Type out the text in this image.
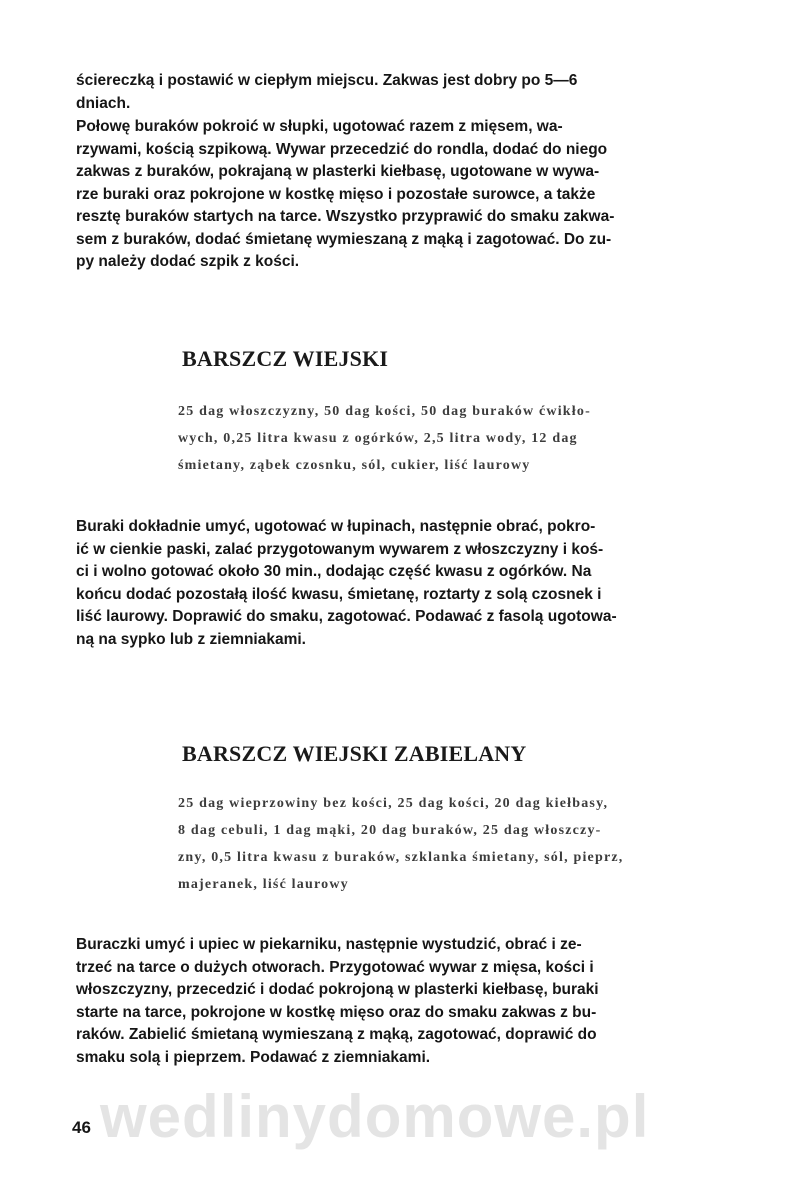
ściereczką i postawić w ciepłym miejscu. Zakwas jest dobry po 5—6
dniach.

Połowę buraków pokroić w słupki, ugotować razem z mięsem, wa-
rzywami, kością szpikową. Wywar przecedzić do rondla, dodać do niego
zakwas z buraków, pokrajaną w plasterki kiełbasę, ugotowane w wywa-
rze buraki oraz pokrojone w kostkę mięso i pozostałe surowce, a także
resztę buraków startych na tarce. Wszystko przyprawić do smaku zakwa-
sem z buraków, dodać śmietanę wymieszaną z mąką i zagotować. Do zu-
py należy dodać szpik z kości.

BARSZCZ WIEJSKI

25 dag włoszczyzny, 50 dag kości, 50 dag buraków ćwikło-
wych, 0,25 litra kwasu z ogórków, 2,5 litra wody, 12 dag
śmietany, ząbek czosnku, sól, cukier, liść laurowy

Buraki dokładnie umyć, ugotować w łupinach, następnie obrać, pokro-
ić w cienkie paski, zalać przygotowanym wywarem z włoszczyzny i koś-
ci i wolno gotować około 30 min., dodając część kwasu z ogórków. Na
końcu dodać pozostałą ilość kwasu, śmietanę, roztarty z solą czosnek i
liść laurowy. Doprawić do smaku, zagotować. Podawać z fasolą ugotowa-
ną na sypko lub z ziemniakami.

BARSZCZ WIEJSKI ZABIELANY

25 dag wieprzowiny bez kości, 25 dag kości, 20 dag kiełbasy,
8 dag cebuli, 1 dag mąki, 20 dag buraków, 25 dag włoszczy-
zny, 0,5 litra kwasu z buraków, szklanka śmietany, sól, pieprz,
majeranek, liść laurowy

Buraczki umyć i upiec w piekarniku, następnie wystudzić, obrać i ze-
trzeć na tarce o dużych otworach. Przygotować wywar z mięsa, kości i
włoszczyzny, przecedzić i dodać pokrojoną w plasterki kiełbasę, buraki
starte na tarce, pokrojone w kostkę mięso oraz do smaku zakwas z bu-
raków. Zabielić śmietaną wymieszaną z mąką, zagotować, doprawić do
smaku solą i pieprzem. Podawać z ziemniakami.

wedlinydomowe.pl

46
